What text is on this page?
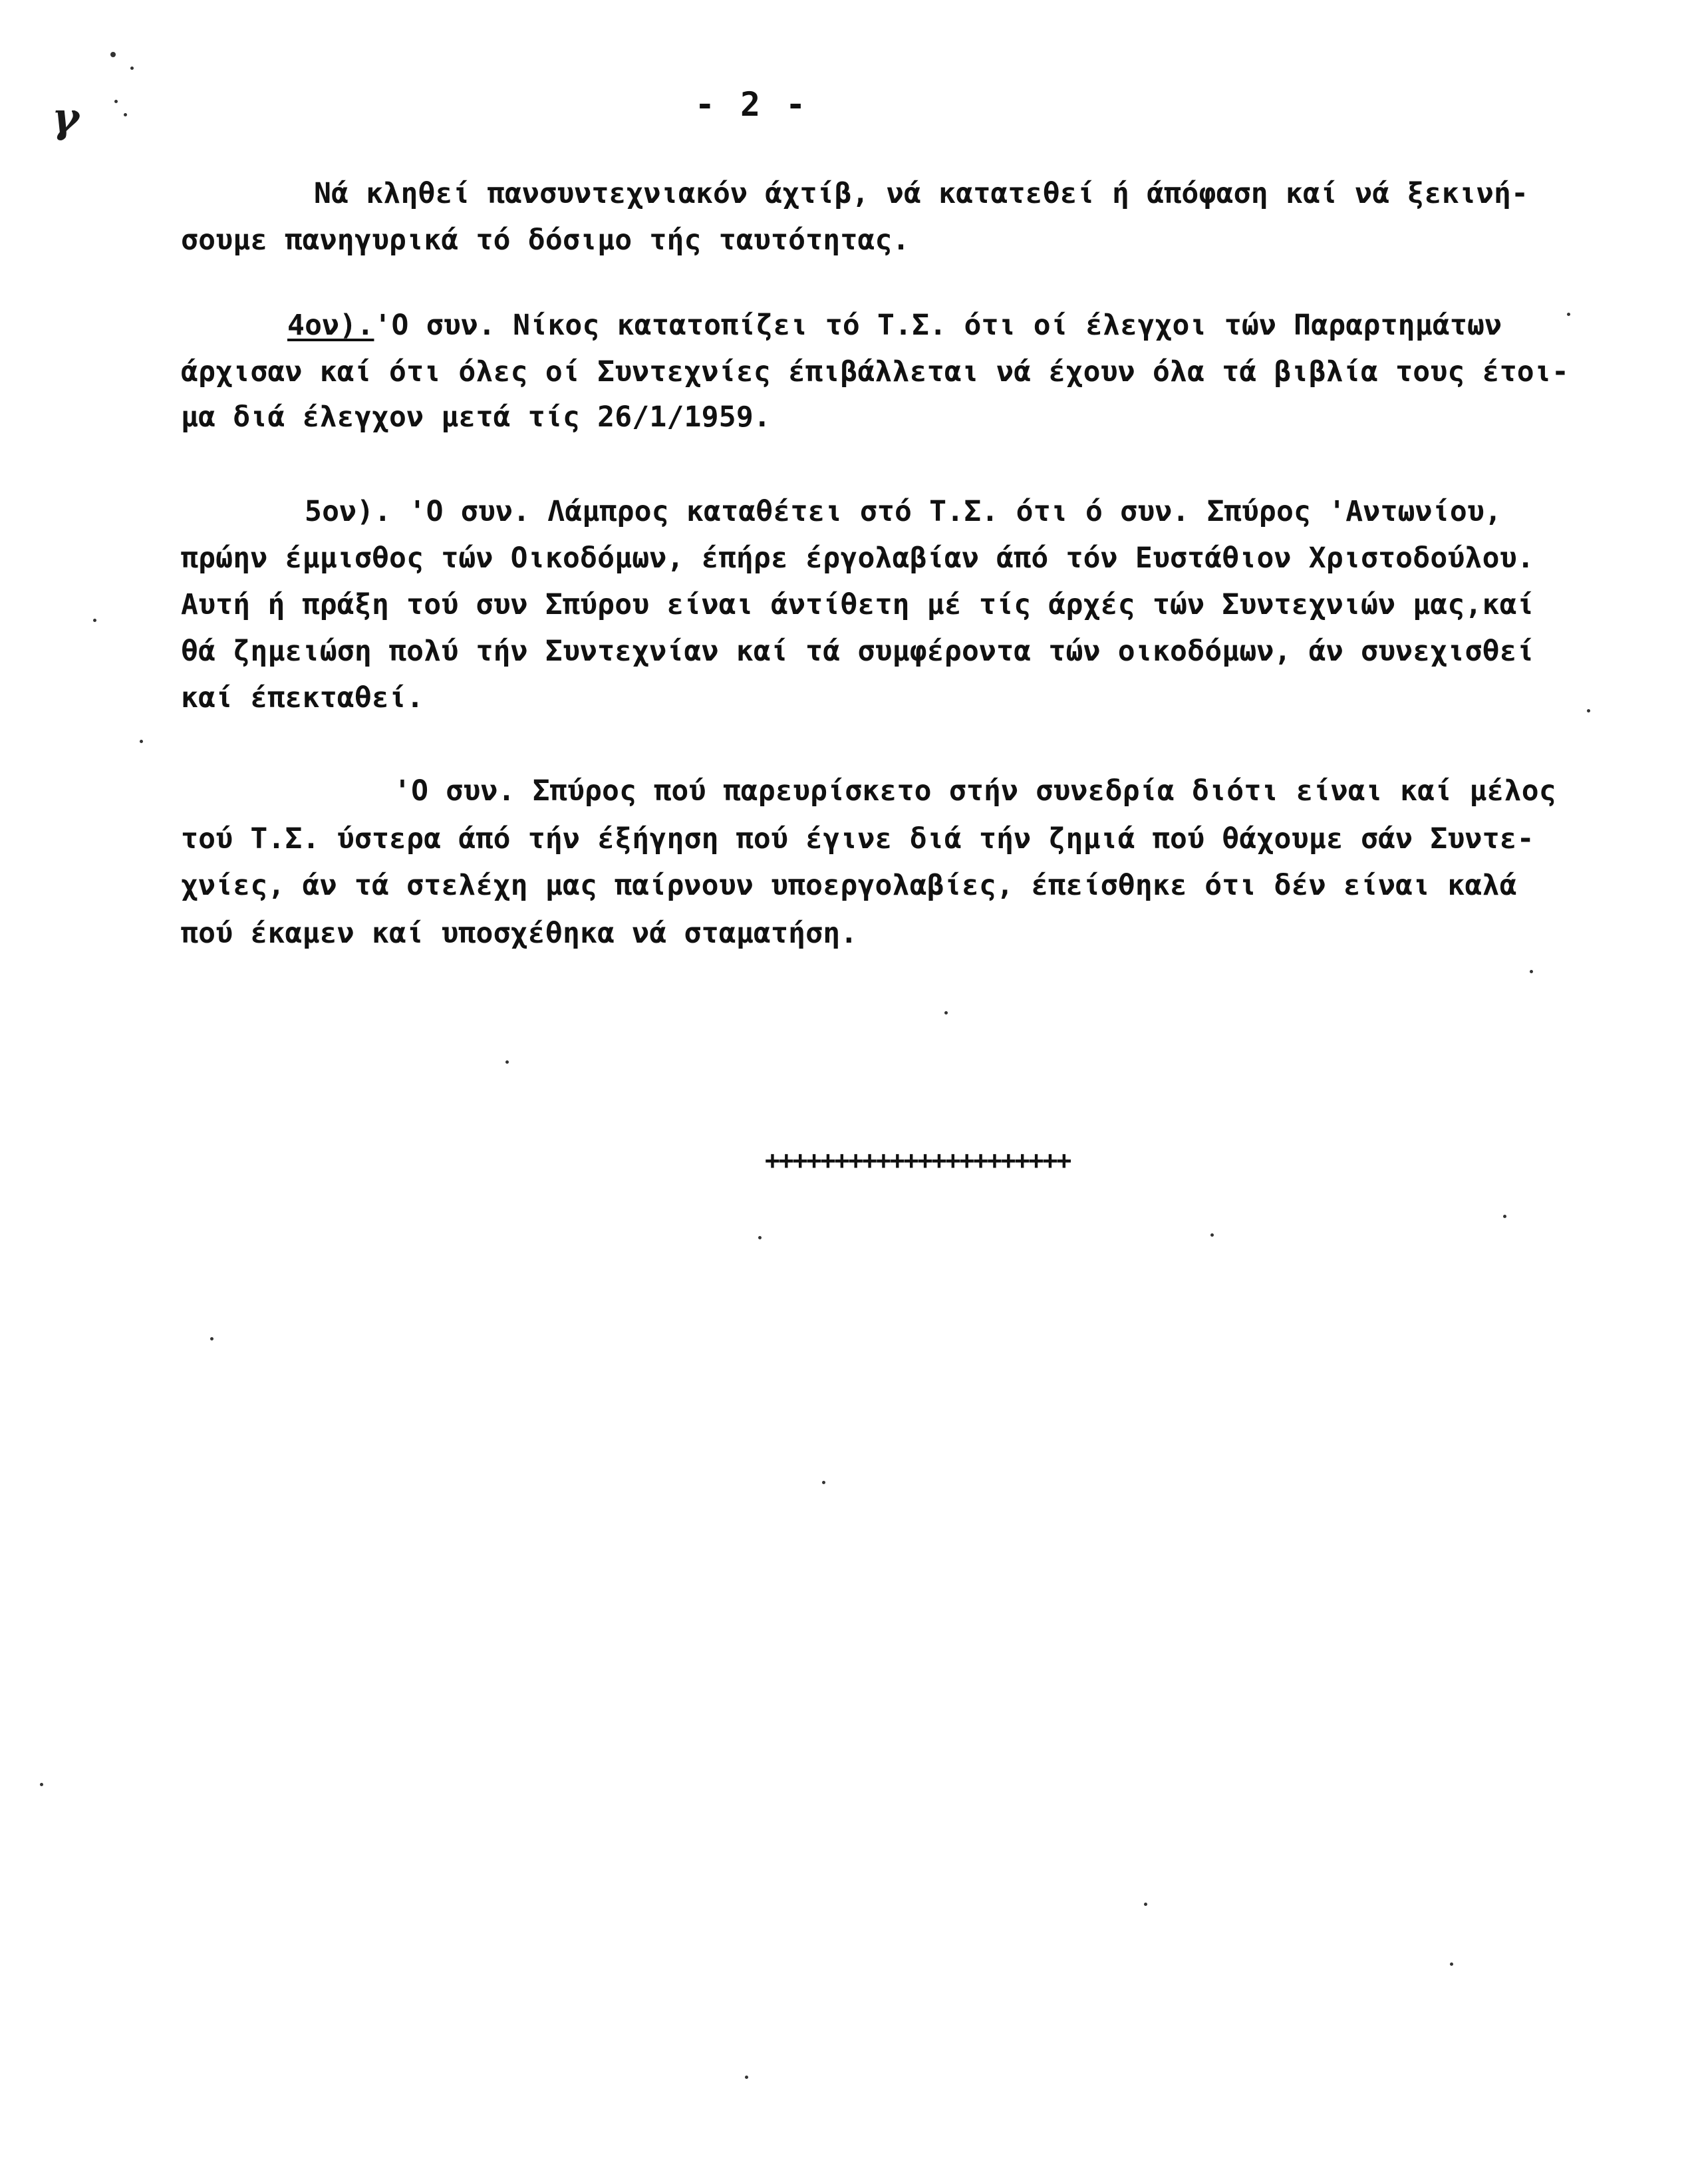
γ	- 2 -
Νά κληθεί πανσυντεχνιακόν άχτίβ, νά κατατεθεί ή άπόφαση καί νά ξεκινή-
σουμε πανηγυρικά τό δόσιμο τής ταυτότητας.
4ον).'Ο συν. Νίκος κατατοπίζει τό Τ.Σ. ότι οί έλεγχοι τών Παραρτημάτων
άρχισαν καί ότι όλες οί Συντεχνίες έπιβάλλεται νά έχουν όλα τά βιβλία τους έτοι-
μα διά έλεγχον μετά τίς 26/1/1959.
5ον). 'Ο συν. Λάμπρος καταθέτει στό Τ.Σ. ότι ό συν. Σπύρος 'Αντωνίου,
πρώην έμμισθος τών Οικοδόμων, έπήρε έργολαβίαν άπό τόν Ευστάθιον Χριστοδούλου.
Αυτή ή πράξη τού συν Σπύρου είναι άντίθετη μέ τίς άρχές τών Συντεχνιών μας,καί
θά ζημειώση πολύ τήν Συντεχνίαν καί τά συμφέροντα τών οικοδόμων, άν συνεχισθεί
καί έπεκταθεί.
'Ο συν. Σπύρος πού παρευρίσκετο στήν συνεδρία διότι είναι καί μέλος
τού Τ.Σ. ύστερα άπό τήν έξήγηση πού έγινε διά τήν ζημιά πού θάχουμε σάν Συντε-
χνίες, άν τά στελέχη μας παίρνουν υποεργολαβίες, έπείσθηκε ότι δέν είναι καλά
πού έκαμεν καί υποσχέθηκα νά σταματήση.
++++++++++++++++++++++
